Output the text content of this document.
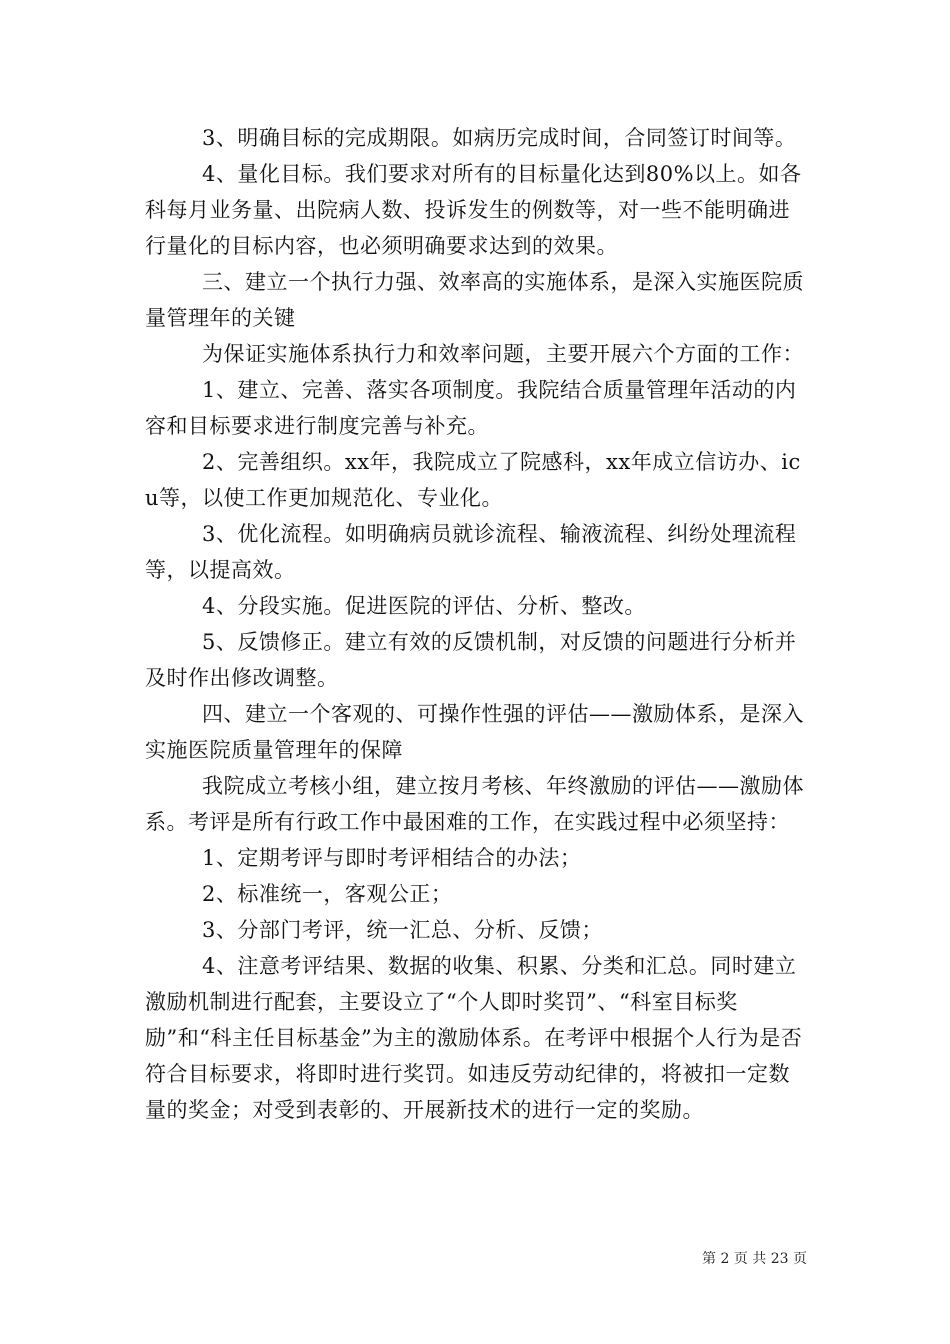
3、明确目标的完成期限。如病历完成时间，合同签订时间等。

4、量化目标。我们要求对所有的目标量化达到80%以上。如各科每月业务量、出院病人数、投诉发生的例数等，对一些不能明确进行量化的目标内容，也必须明确要求达到的效果。

三、建立一个执行力强、效率高的实施体系，是深入实施医院质量管理年的关键

为保证实施体系执行力和效率问题，主要开展六个方面的工作：

1、建立、完善、落实各项制度。我院结合质量管理年活动的内容和目标要求进行制度完善与补充。

2、完善组织。xx年，我院成立了院感科，xx年成立信访办、icu等，以使工作更加规范化、专业化。

3、优化流程。如明确病员就诊流程、输液流程、纠纷处理流程等，以提高效。

4、分段实施。促进医院的评估、分析、整改。

5、反馈修正。建立有效的反馈机制，对反馈的问题进行分析并及时作出修改调整。

四、建立一个客观的、可操作性强的评估——激励体系，是深入实施医院质量管理年的保障

我院成立考核小组，建立按月考核、年终激励的评估——激励体系。考评是所有行政工作中最困难的工作，在实践过程中必须坚持：

1、定期考评与即时考评相结合的办法；

2、标准统一，客观公正；

3、分部门考评，统一汇总、分析、反馈；

4、注意考评结果、数据的收集、积累、分类和汇总。同时建立激励机制进行配套，主要设立了“个人即时奖罚”、“科室目标奖励”和“科主任目标基金”为主的激励体系。在考评中根据个人行为是否符合目标要求，将即时进行奖罚。如违反劳动纪律的，将被扣一定数量的奖金；对受到表彰的、开展新技术的进行一定的奖励。

第 2 页 共 23 页
